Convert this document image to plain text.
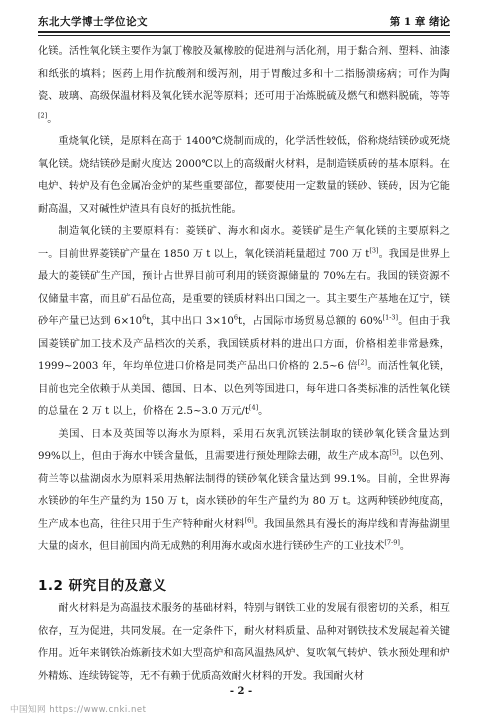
东北大学博士学位论文	第 1 章 绪论

化镁。活性氧化镁主要作为氯丁橡胶及氟橡胶的促进剂与活化剂，用于黏合剂、塑料、油漆和纸张的填料；医药上用作抗酸剂和缓泻剂，用于胃酸过多和十二指肠溃疡病；可作为陶瓷、玻璃、高级保温材料及氧化镁水泥等原料；还可用于冶炼脱硫及燃气和燃料脱硫，等等[2]。

重烧氧化镁，是原料在高于 1400℃烧制而成的，化学活性较低，俗称烧结镁砂或死烧氧化镁。烧结镁砂是耐火度达 2000℃以上的高级耐火材料，是制造镁质砖的基本原料。在电炉、转炉及有色金属冶金炉的某些重要部位，都要使用一定数量的镁砂、镁砖，因为它能耐高温，又对碱性炉渣具有良好的抵抗性能。

制造氧化镁的主要原料有：菱镁矿、海水和卤水。菱镁矿是生产氧化镁的主要原料之一。目前世界菱镁矿产量在 1850 万 t 以上，氧化镁消耗量超过 700 万 t[3]。我国是世界上最大的菱镁矿生产国，预计占世界目前可利用的镁资源储量的 70%左右。我国的镁资源不仅储量丰富，而且矿石品位高，是重要的镁质材料出口国之一。其主要生产基地在辽宁，镁砂年产量已达到 $6\times 10^6t$，其中出口 $3\times 10^6t$，占国际市场贸易总额的 60%[1-3]。但由于我国菱镁矿加工技术及产品档次的关系，我国镁质材料的进出口方面，价格相差非常悬殊，1999~2003 年，年均单位进口价格是同类产品出口价格的 2.5~6 倍[2]。而活性氧化镁，目前也完全依赖于从美国、德国、日本、以色列等国进口，每年进口各类标准的活性氧化镁的总量在 2 万 t 以上，价格在 2.5~3.0 万元/t[4]。

美国、日本及英国等以海水为原料，采用石灰乳沉镁法制取的镁砂氧化镁含量达到 99%以上，但由于海水中镁含量低，且需要进行预处理除去硼，故生产成本高[5]。以色列、荷兰等以盐湖卤水为原料采用热解法制得的镁砂氧化镁含量达到 99.1%。目前，全世界海水镁砂的年生产量约为 150 万 t，卤水镁砂的年生产量约为 80 万 t。这两种镁砂纯度高，生产成本也高，往往只用于生产特种耐火材料[6]。我国虽然具有漫长的海岸线和青海盐湖里大量的卤水，但目前国内尚无成熟的利用海水或卤水进行镁砂生产的工业技术[7-9]。

1.2 研究目的及意义

耐火材料是为高温技术服务的基础材料，特别与钢铁工业的发展有很密切的关系，相互依存，互为促进，共同发展。在一定条件下，耐火材料质量、品种对钢铁技术发展起着关键作用。近年来钢铁冶炼新技术如大型高炉和高风温热风炉、复吹氧气转炉、铁水预处理和炉外精炼、连续铸锭等，无不有赖于优质高效耐火材料的开发。我国耐火材

- 2 -
中国知网 https://www.cnki.net
